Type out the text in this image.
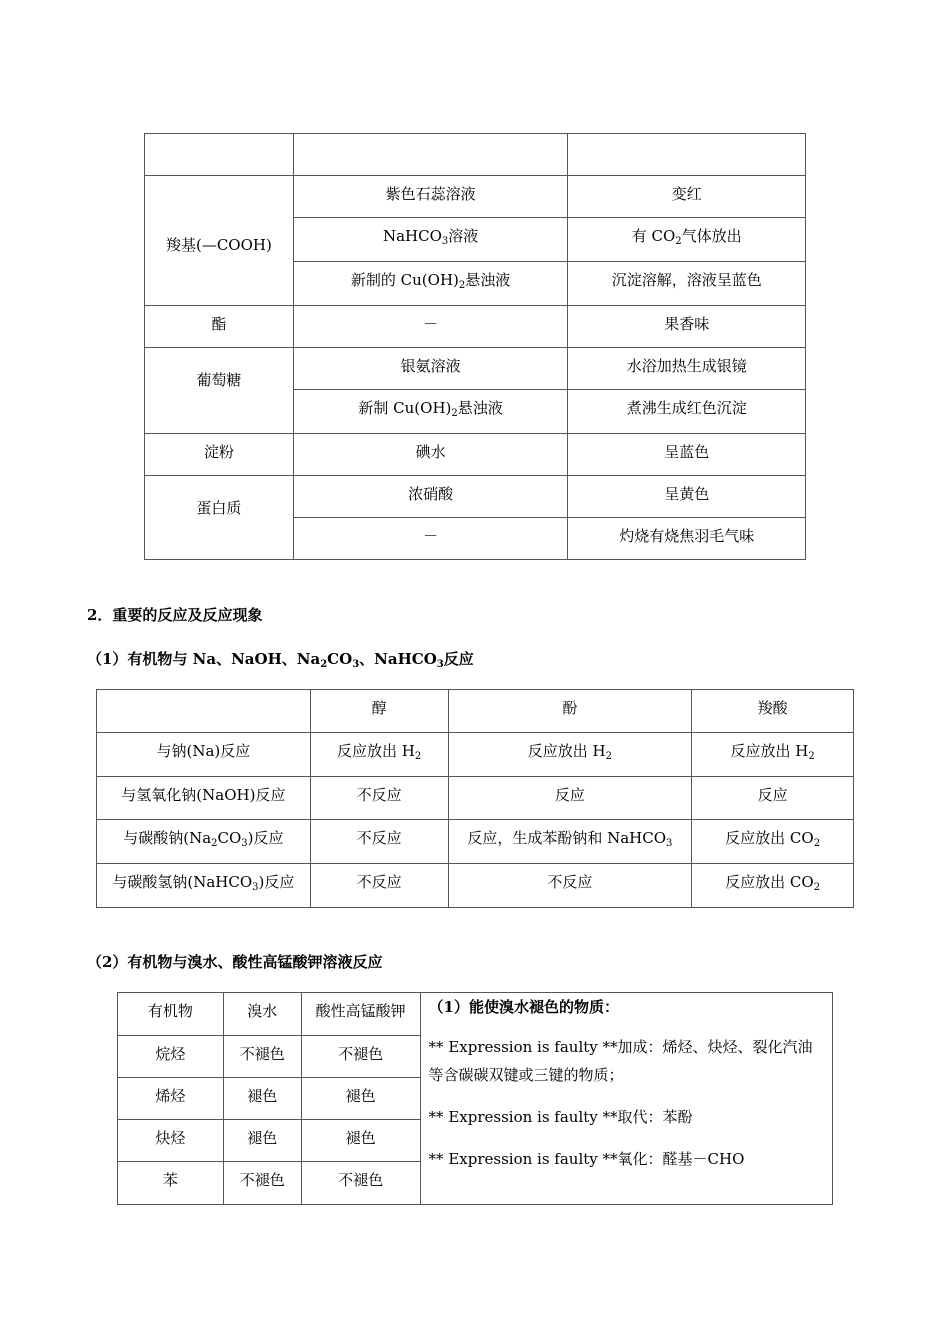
羧基(—COOH)	紫色石蕊溶液	变红
	NaHCO$_3$溶液	有 $CO_2$气体放出
	新制的 $Cu(OH)_2$悬浊液	沉淀溶解，溶液呈蓝色
酯	－	果香味
葡萄糖	银氨溶液	水浴加热生成银镜
	新制 $Cu(OH)_2$悬浊液	煮沸生成红色沉淀
淀粉	碘水	呈蓝色
蛋白质	浓硝酸	呈黄色
	－	灼烧有烧焦羽毛气味
2．重要的反应及反应现象
（1）有机物与 Na、NaOH、$Na_2CO_3$、NaHCO$_3$反应
	醇	酚	羧酸
与钠(Na)反应	反应放出 $H_2$	反应放出 $H_2$	反应放出 $H_2$
与氢氧化钠(NaOH)反应	不反应	反应	反应
与碳酸钠$(Na_2CO_3)$反应	不反应	反应，生成苯酚钠和 NaHCO$_3$	反应放出 $CO_2$
与碳酸氢钠(NaHCO$_3$)反应	不反应	不反应	反应放出 $CO_2$
（2）有机物与溴水、酸性高锰酸钾溶液反应
有机物	溴水	酸性高锰酸钾	（1）能使溴水褪色的物质：

** Expression is faulty **加成：烯烃、炔烃、裂化汽油等含碳碳双键或三键的物质；

** Expression is faulty **取代：苯酚

** Expression is faulty **氧化：醛基－CHO

烷烃	不褪色	不褪色	
烯烃	褪色	褪色	
炔烃	褪色	褪色	
苯	不褪色	不褪色	
